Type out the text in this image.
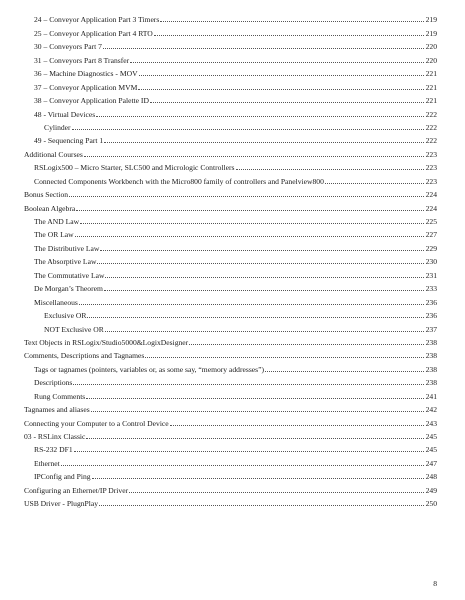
24 – Conveyor Application Part 3 Timers	219
25 – Conveyor Application Part 4 RTO	219
30 – Conveyors Part 7	220
31 – Conveyors Part 8 Transfer	220
36 – Machine Diagnostics - MOV	221
37 – Conveyor Application MVM	221
38 – Conveyor Application Palette ID	221
48 - Virtual Devices	222
Cylinder	222
49 - Sequencing Part 1	222
Additional Courses	223
RSLogix500 – Micro Starter, SLC500 and Micrologic Controllers	223
Connected Components Workbench with the Micro800 family of controllers and Panelview800	223
Bonus Section	224
Boolean Algebra	224
The AND Law	225
The OR Law	227
The Distributive Law	229
The Absorptive Law	230
The Commutative Law	231
De Morgan’s Theorem	233
Miscellaneous	236
Exclusive OR	236
NOT Exclusive OR	237
Text Objects in RSLogix/Studio5000&LogixDesigner	238
Comments, Descriptions and Tagnames	238
Tags or tagnames (pointers, variables or, as some say, “memory addresses”)	238
Descriptions	238
Rung Comments	241
Tagnames and aliases	242
Connecting your Computer to a Control Device	243
03 - RSLinx Classic	245
RS-232 DF1	245
Ethernet	247
IPConfig and Ping	248
Configuring an Ethernet/IP Driver	249
USB Driver - PlugnPlay	250
8
